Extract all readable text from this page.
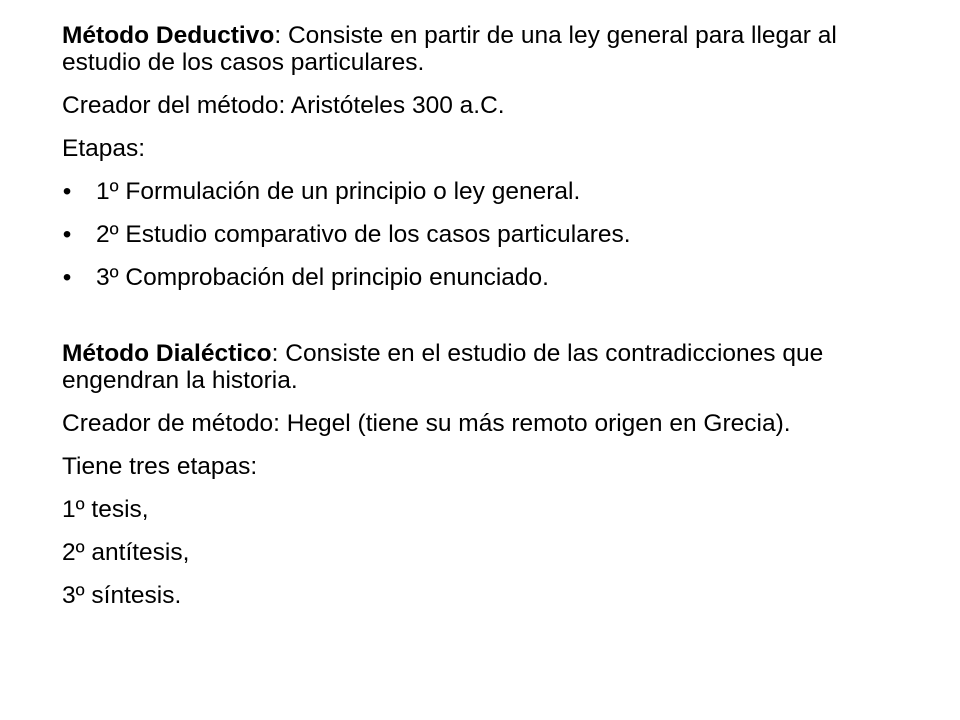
Método Deductivo: Consiste en partir de una ley general para llegar al estudio de los casos particulares.

Creador del método: Aristóteles 300 a.C.

Etapas:

• 1º Formulación de un principio o ley general.
• 2º Estudio comparativo de los casos particulares.
• 3º Comprobación del principio enunciado.

Método Dialéctico: Consiste en el estudio de las contradicciones que engendran la historia.

Creador de método: Hegel (tiene su más remoto origen en Grecia).

Tiene tres etapas:

1º tesis,

2º antítesis,

3º síntesis.
